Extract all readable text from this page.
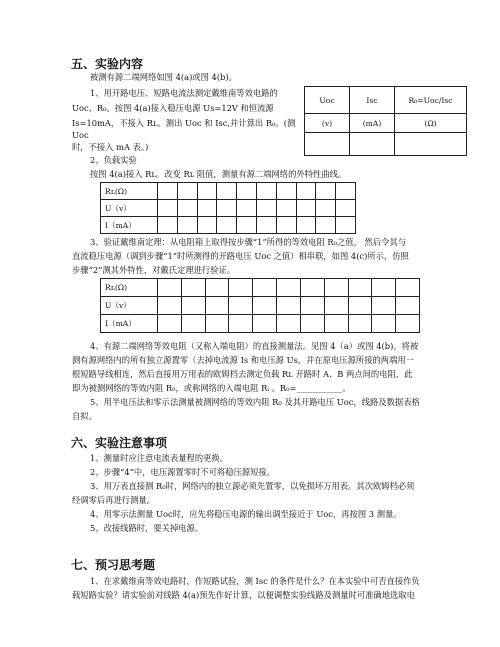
五、实验内容
被测有源二端网络如图 4(a)或图 4(b)。
1、用开路电压、短路电流法测定戴维南等效电路的
Uoc、R₀。按图 4(a)接入稳压电源 Us=12V 和恒流源
Is=10mA，不接入 Rʟ。测出 Uᴏᴄ 和 Isc,并计算出 R₀。(测
Uᴏᴄ
时，不接入 mA 表。)
Uoc	Isc	R₀=Uoc/Isc
(v)	(mA)	(Ω)

2、负载实验
按图 4(a)接入 Rʟ。改变 Rʟ 阻值，测量有源二端网络的外特性曲线。
Rʟ(Ω)										
U（v）										
I（mA）										
3、验证戴维南定理：从电阻箱上取得按步骤“1”所得的等效电阻 R₀之值， 然后令其与
直流稳压电源（调到步骤“1”时所测得的开路电压 Uoc 之值）相串联，如图 4(c)所示，仿照
步骤“2”测其外特性，对戴氏定理进行验证。
Rʟ(Ω)											
U（v）											
I（mA）											
4、有源二端网络等效电阻（又称入端电阻）的直接测量法。见图 4（a）或图 4(b)。将被
测有源网络内的所有独立源置零（去掉电流源 Is 和电压源 Us，并在原电压源所接的两端用一
根短路导线相连，然后直接用万用表的欧姆档去测定负载 Rʟ 开路时 A、B 两点间的电阻，此
即为被测网络的等效内阻 R₀，或称网络的入端电阻 Rᵢ 。R₀=___________。
5、用半电压法和零示法测量被测网络的等效内阻 R₀ 及其开路电压 Uᴏᴄ，线路及数据表格
自拟。
六、实验注意事项
1、测量时应注意电流表量程的更换。
2、步骤“4”中，电压源置零时不可将稳压源短接。
3、用万表直接测 R₀时，网络内的独立源必须先置零，以免损坏万用表。其次欧姆档必须
经调零后再进行测量。
4、用零示法测量 Uᴏᴄ时，应先将稳压电源的输出调至接近于 Uᴏᴄ，再按图 3 测量。
5、改接线路时，要关掉电源。
七、预习思考题
1、在求戴维南等效电路时，作短路试验，测 Isc 的条件是什么？在本实验中可否直接作负
载短路实验？请实验前对线路 4(a)预先作好计算，以便调整实验线路及测量时可准确地选取电
